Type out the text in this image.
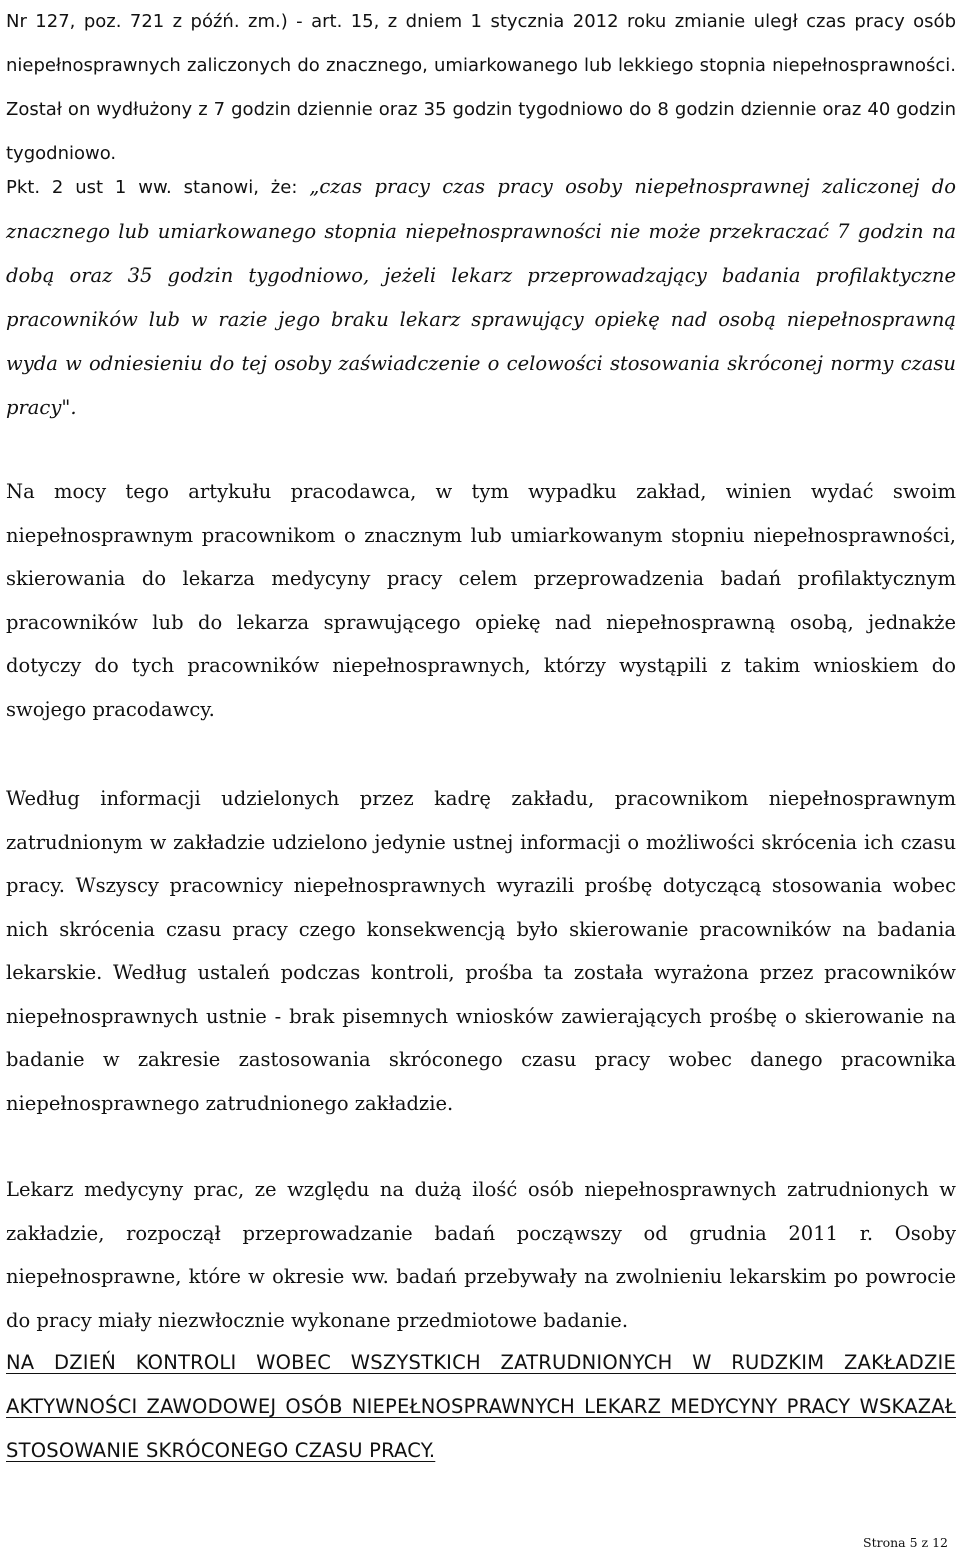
Nr 127, poz. 721 z późń. zm.) - art. 15, z dniem 1 stycznia 2012 roku zmianie uległ czas pracy osób niepełnosprawnych zaliczonych do znacznego, umiarkowanego lub lekkiego stopnia niepełnosprawności. Został on wydłużony z 7 godzin dziennie oraz 35 godzin tygodniowo do 8 godzin dziennie oraz 40 godzin tygodniowo.

Pkt. 2 ust 1 ww. stanowi, że: „czas pracy czas pracy osoby niepełnosprawnej zaliczonej do znacznego lub umiarkowanego stopnia niepełnosprawności nie może przekraczać 7 godzin na dobą oraz 35 godzin tygodniowo, jeżeli lekarz przeprowadzający badania profilaktyczne pracowników lub w razie jego braku lekarz sprawujący opiekę nad osobą niepełnosprawną wyda w odniesieniu do tej osoby zaświadczenie o celowości stosowania skróconej normy czasu pracy".

Na mocy tego artykułu pracodawca, w tym wypadku zakład, winien wydać swoim niepełnosprawnym pracownikom o znacznym lub umiarkowanym stopniu niepełnosprawności, skierowania do lekarza medycyny pracy celem przeprowadzenia badań profilaktycznym pracowników lub do lekarza sprawującego opiekę nad niepełnosprawną osobą, jednakże dotyczy do tych pracowników niepełnosprawnych, którzy wystąpili z takim wnioskiem do swojego pracodawcy.

Według informacji udzielonych przez kadrę zakładu, pracownikom niepełnosprawnym zatrudnionym w zakładzie udzielono jedynie ustnej informacji o możliwości skrócenia ich czasu pracy. Wszyscy pracownicy niepełnosprawnych wyrazili prośbę dotyczącą stosowania wobec nich skrócenia czasu pracy czego konsekwencją było skierowanie pracowników na badania lekarskie. Według ustaleń podczas kontroli, prośba ta została wyrażona przez pracowników niepełnosprawnych ustnie - brak pisemnych wniosków zawierających prośbę o skierowanie na badanie w zakresie zastosowania skróconego czasu pracy wobec danego pracownika niepełnosprawnego zatrudnionego zakładzie.

Lekarz medycyny prac, ze względu na dużą ilość osób niepełnosprawnych zatrudnionych w zakładzie, rozpoczął przeprowadzanie badań począwszy od grudnia 2011 r. Osoby niepełnosprawne, które w okresie ww. badań przebywały na zwolnieniu lekarskim po powrocie do pracy miały niezwłocznie wykonane przedmiotowe badanie.

NA DZIEŃ KONTROLI WOBEC WSZYSTKICH ZATRUDNIONYCH W RUDZKIM ZAKŁADZIE AKTYWNOŚCI ZAWODOWEJ OSÓB NIEPEŁNOSPRAWNYCH LEKARZ MEDYCYNY PRACY WSKAZAŁ STOSOWANIE SKRÓCONEGO CZASU PRACY.

Strona 5 z 12
